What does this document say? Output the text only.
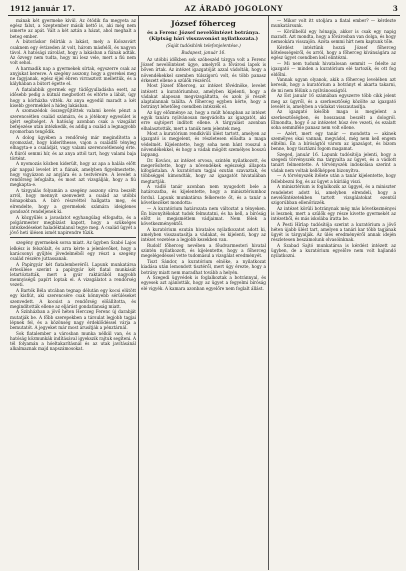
1912 január 17.	AZ ÁRADÓ JOGOLONY	3

mának két gyermeke kívül. Az ötödik fia megyeta az egész falut, a Szeptember másik kettő is, aki még nem ismerte az apát. Vált a két aztán a házat, ahol meghalt a beteg ember.

A bútoráskor felírták a lakást, mely a Kolozsvárt csaknem egy évtizeden át volt, három másfelől, és nagyon távol. A hatósági zárolást, hogy a lakásban a fiának adták. Az özvegy nem tudta, hogy mi lesz vele, mert a fiú nem volt sehol.

A harmadik nap a gyermekek sírtak, egyszerre csak az anyjukat keresve. A szegény asszony, hogy a gyerekei meg ne fagyjanak, egész éjjel ébren virrasztott mellettük, és a kályhában a bútort égette el.

A fiatalabbik gyermek egy tüdőgyulladásba esett, az idősebb pedig a kútnál megbotlott és eltörte a lábát, úgy hogy a kórházba vitték. Az anya egyedül maradt a két kisebb gyermekkel a hideg lakásban.

A szomszédok összegyűjtöttek valami kevés pénzt a szerencsétlen család számára, és a jótékony egyesület is ígért segítséget. A hatóság azonban csak a vizsgálat befejezése után intézkedik, és addig a család a legnagyobb nyomorban tengődik.

A dolog ügyében a rendőrség már megindította a nyomozást, hogy kideríthesse, vajon a családfő tényleg elhagyta-e a családját, vagy valami szerencsétlenség érte. A fiúról semmi hír, és az anya attól tart, hogy valami baja történt.

A nyomozás közben kiderült, hogy az apa a halála előtt pár nappal levelet írt a fiának, amelyben figyelmeztette, hogy vigyázzon az anyjára és a testvéreire. A levelet a rendőrség lefoglalta, és most azt vizsgálják, hogy a fiú megkapta-e.

A tárgyalás folyamán a szegény asszony sírva beszélt arról, hogy mennyit szenvedett a család az utóbbi hónapokban. A bíró részvéttel hallgatta meg, és elrendelte, hogy a gyermekek számára ideiglenes gondozót rendeljenek ki.

A közgyűlés a javaslatot egyhangúlag elfogadta, és a polgármester megbízást kapott, hogy a szükséges intézkedéseket haladéktalanul tegye meg. A család ügyét a jövő heti ülésen ismét napirendre tűzik.

szegény gyermekek sorsa miatt. Az ügyben Szabó Lajos lelkész is felszólalt, és arra kérte a jelenlevőket, hogy a karácsonyi gyűjtés jövedelméből egy részt a szegény család részére juttassanak.

A Papírgyár két fiatalemberéről. Lapunk munkatársa értesülése szerint a papírgyár két fiatal munkását letartóztatták, mert a gyár raktárából nagyobb mennyiségű papírt loptak el. A vizsgálatot a rendőrség vezeti.

A Bartók Béla utcában tegnap délután egy kocsi elütött egy kisfiút, aki szerencsére csak könnyebb sérüléseket szenvedett. A kocsist a rendőrség előállította, és megindították ellene az eljárást gondatlanság miatt.

A Színházban a jövő héten Herczeg Ferenc új darabját mutatják be. A főbb szerepekben a társulat legjobb tagjai lépnek fel, és a közönség nagy érdeklődéssel várja a bemutatót. A jegyeket már most árusítják a pénztárnál.

Sok fiatalember a városban munka nélkül van, és a hatóság közmunkák indításával igyekszik rajtuk segíteni. A tél folyamán a hóeltakarításnál és az utak javításánál alkalmaznak majd napszámosokat.

József főherceg
és a Ferenc József nevelőintézet botránya.
(Kiptság hárí visszavonást nyilatkozata.)
(Saját tudósítónk telefonjelentése.)
Budapest, január 16.

Az utóbbi időkben sok szóbeszéd tárgya volt a Ferenc József nevelőintézet ügye, amelyről a fővárosi lapok is bőven írtak. Az intézet igazgatóját azzal vádolták, hogy a növendékekkel szemben túlszigorú volt, és több panasz érkezett ellene a szülők részéről.

Most József főherceg, az intézet fővédnöke, levelet intézett a kuratóriumhoz, amelyben kijelenti, hogy a vádakat alaposan megvizsgáltatta, és azok jó részét alaptalannak találta. A főherceg egyben kérte, hogy a botrányt lehetőleg csendben intézzék el.

Az ügy előzménye az, hogy a múlt hónapban az intézet egyik tanára nyilvánosan megvádolta az igazgatót, aki erre sajtópert indított ellene. A tárgyalást azonban elhalasztották, mert a tanúk nem jelentek meg.

Most a kuratórium rendkívüli ülést tartott, amelyen az igazgató is megjelent, és részletesen előadta a maga védelmét. Kijelentette, hogy soha nem bánt rosszul a növendékekkel, és hogy a vádak mögött személyes bosszú lappang.

Dr. Kovács, az intézet orvosa, szintén nyilatkozott, és megerősítette, hogy a növendékek egészségi állapota kifogástalan. A kuratórium tagjai ezután szavaztak, és többséggel kimondták, hogy az igazgatót hivatalában megtartják.

A vádló tanár azonban nem nyugodott bele a határozatba, és kijelentette, hogy a minisztériumhoz fordul. Lapunk munkatársa felkereste őt, és a tanár a következőket mondotta:

— A kuratórium határozata nem változtat a tényeken. Én bizonyítékokat tudok felmutatni, és ha kell, a bíróság előtt is megismétlem vádjaimat. Nem félek a következményektől.

A kuratórium ezután hivatalos nyilatkozatot adott ki, amelyben visszautasítja a vádakat, és kijelenti, hogy az intézet vezetése a legjobb kezekben van.

Rudolf főherceg nevében a főudvarmesteri hivatal szintén nyilatkozott, és kijelentette, hogy a főherceg megelégedéssel vette tudomásul a vizsgálat eredményét.

Tiszt Sándor, a kuratórium elnöke, a nyilatkozat kiadása után lemondott tisztéről, mert úgy érezte, hogy a botrány miatt nem maradhat tovább a helyén.

A Szegedi ügyvédek is foglalkoztak a botránnyal, és egyesek azt ajánlották, hogy az ügyet a fegyelmi bíróság elé vigyék. A kamara azonban egyelőre nem foglalt állást.

— Mikor volt itt utoljára a fiatal ember? — kérdezte munkatársunk.

— Körülbelül egy hónapja, akkor is csak egy napig maradt. Azt mondta, hogy a fővárosban van dolga, és hogy nemsokára visszajön. Azóta semmi hírt nem kaptunk tőle.

Kérdést intéztünk hozzá József főherceg kötelességeiről, és arról, hogy a főherceg kívánságára az egész ügyet csendben kell elintézni.

— Mi nem tudunk hivatalosan semmit — felelte az igazgató — minden a kuratórium elé tartozik, és ott fog eldőlni.

Vannak ugyan olyanok, akik a főherceg levelében azt keresik, hogy a kuratórium a botrányt el akarta takarni, de mi nem félünk a nyilvánosságtól.

Az Est január 16 számában egyszerre több cikk jelent meg az ügyről, és a szerkesztőség közölte az igazgató levelét is, amelyben a vádakat visszautasítja.

Az igazgató később maga is megjelent a szerkesztőségben, és hosszasan beszélt a dologról. Elmondta, hogy ő az intézetet húsz éve vezeti, és ezalatt soha semmiféle panasz nem volt ellene.

— Azért, mert egy tanár — mondotta — akinek személyes okai vannak, megvádol, még nem kell engem elítélni. Én a bíróságtól várom az igazságot, és bízom benne, hogy tisztázni fogom magamat.

Szeged, január 16. Lapunk tudósítója jelenti, hogy a szegedi törvényszék ma tárgyalta az ügyet, és a vádlott tanárt felmentette. A törvényszék indokolása szerint a vádak nem voltak kellőképpen bizonyítva.

— A törvényszék ítélete után a tanár kijelentette, hogy fellebbezni fog, és az ügyet a kúriáig viszi.

A minisztérium is foglalkozik az üggyel, és a miniszter rendeletet adott ki, amelyben elrendeli, hogy a nevelőintézetekben tartott vizsgálatokat ezentúl szigorúbban ellenőrizzék.

Az intézet körüli botránynak még más következményei is lesznek, mert a szülők egy része kivette gyermekét az intézetből, és más iskolába íratta be.

A Pesti Hírlap tudósítója szerint a kuratórium a jövő héten újabb ülést tart, amelyen a tanári kar több tagjának ügyét is tárgyalják. Az ülés eredményéről annak idején részletesen beszámolunk olvasóinknak.

A Szabad Sajtó munkatársa is kérdést intézett az ügyben, de a kuratórium egyelőre nem volt hajlandó nyilatkozni.
